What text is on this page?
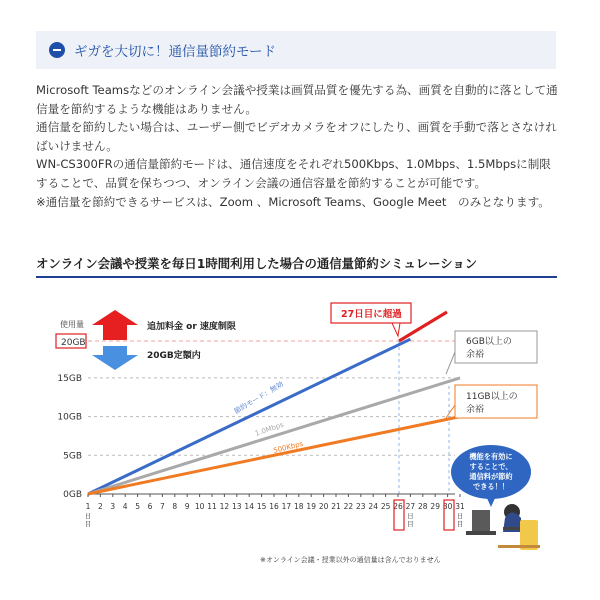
ギガを大切に！通信量節約モード

Microsoft Teamsなどのオンライン会議や授業は画質品質を優先する為、画質を自動的に落として通信量を節約するような機能はありません。

通信量を節約したい場合は、ユーザー側でビデオカメラをオフにしたり、画質を手動で落とさなければいけません。

WN-CS300FRの通信量節約モードは、通信速度をそれぞれ500Kbps、1.0Mbps、1.5Mbpsに制限することで、品質を保ちつつ、オンライン会議の通信容量を節約することが可能です。

※通信量を節約できるサービスは、Zoom 、Microsoft Teams、Google Meet　のみとなります。

オンライン会議や授業を毎日1時間利用した場合の通信量節約シミュレーション
使用量
20GB
0GB
5GB
10GB
15GB
追加料金 or 速度制限
20GB定額内
節約モード：無効
1.0Mbps
500Kbps
27日目に超過
6GB以上の
余裕
11GB以上の
余裕
機能を有効に
することで、
通信料が節約
できる！！
1 2 3 4 5 6 7 8 9 10 11 12 13 14 15 16 17 18 19 20 21 22 23 24 25 26 27 28 29 30 31
日
目
日
目
日
目
※オンライン会議・授業以外の通信量は含んでおりません
